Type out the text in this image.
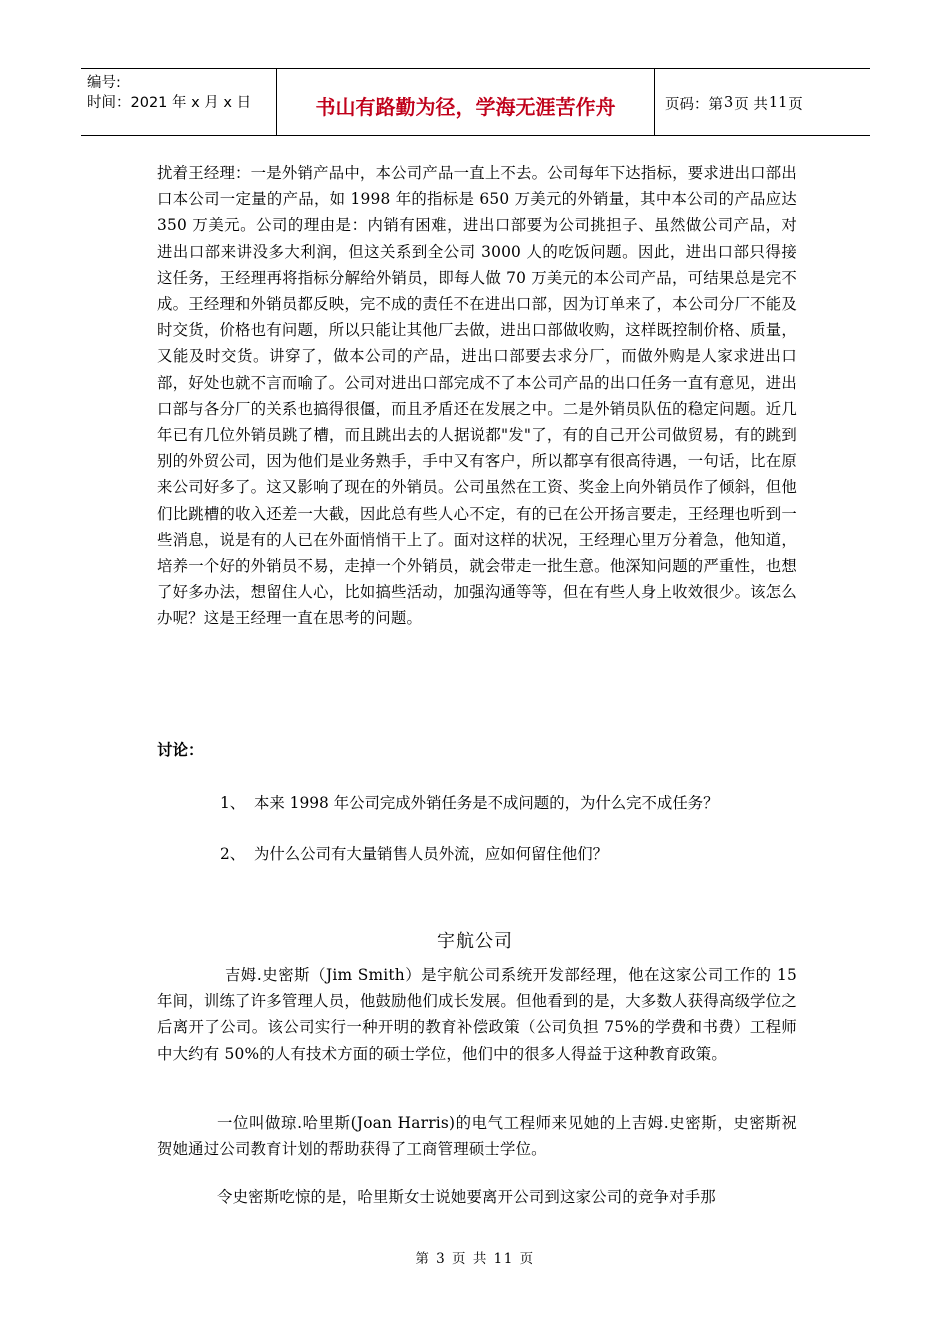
编号:
时间：2021 年 x 月 x 日	书山有路勤为径，学海无涯苦作舟	页码：第 3 页 共 11 页
扰着王经理：一是外销产品中，本公司产品一直上不去。公司每年下达指标，要求进出口部出口本公司一定量的产品，如 1998 年的指标是 650 万美元的外销量，其中本公司的产品应达 350 万美元。公司的理由是：内销有困难，进出口部要为公司挑担子、虽然做公司产品，对进出口部来讲没多大利润，但这关系到全公司 3000 人的吃饭问题。因此，进出口部只得接这任务，王经理再将指标分解给外销员，即每人做 70 万美元的本公司产品，可结果总是完不成。王经理和外销员都反映，完不成的责任不在进出口部，因为订单来了，本公司分厂不能及时交货，价格也有问题，所以只能让其他厂去做，进出口部做收购，这样既控制价格、质量，又能及时交货。讲穿了，做本公司的产品，进出口部要去求分厂，而做外购是人家求进出口部，好处也就不言而喻了。公司对进出口部完成不了本公司产品的出口任务一直有意见，进出口部与各分厂的关系也搞得很僵，而且矛盾还在发展之中。二是外销员队伍的稳定问题。近几年已有几位外销员跳了槽，而且跳出去的人据说都"发"了，有的自己开公司做贸易，有的跳到别的外贸公司，因为他们是业务熟手，手中又有客户，所以都享有很高待遇，一句话，比在原来公司好多了。这又影响了现在的外销员。公司虽然在工资、奖金上向外销员作了倾斜，但他们比跳槽的收入还差一大截，因此总有些人心不定，有的已在公开扬言要走，王经理也听到一些消息，说是有的人已在外面悄悄干上了。面对这样的状况，王经理心里万分着急，他知道，培养一个好的外销员不易，走掉一个外销员，就会带走一批生意。他深知问题的严重性，也想了好多办法，想留住人心，比如搞些活动，加强沟通等等，但在有些人身上收效很少。该怎么办呢？这是王经理一直在思考的问题。
讨论：
1、 本来 1998 年公司完成外销任务是不成问题的，为什么完不成任务？
2、 为什么公司有大量销售人员外流，应如何留住他们？
宇航公司
吉姆.史密斯（Jim Smith）是宇航公司系统开发部经理，他在这家公司工作的 15 年间，训练了许多管理人员，他鼓励他们成长发展。但他看到的是，大多数人获得高级学位之后离开了公司。该公司实行一种开明的教育补偿政策（公司负担 75%的学费和书费）工程师中大约有 50%的人有技术方面的硕士学位，他们中的很多人得益于这种教育政策。
一位叫做琼.哈里斯(Joan Harris)的电气工程师来见她的上吉姆.史密斯，史密斯祝贺她通过公司教育计划的帮助获得了工商管理硕士学位。
令史密斯吃惊的是，哈里斯女士说她要离开公司到这家公司的竞争对手那
第 3 页 共 11 页
